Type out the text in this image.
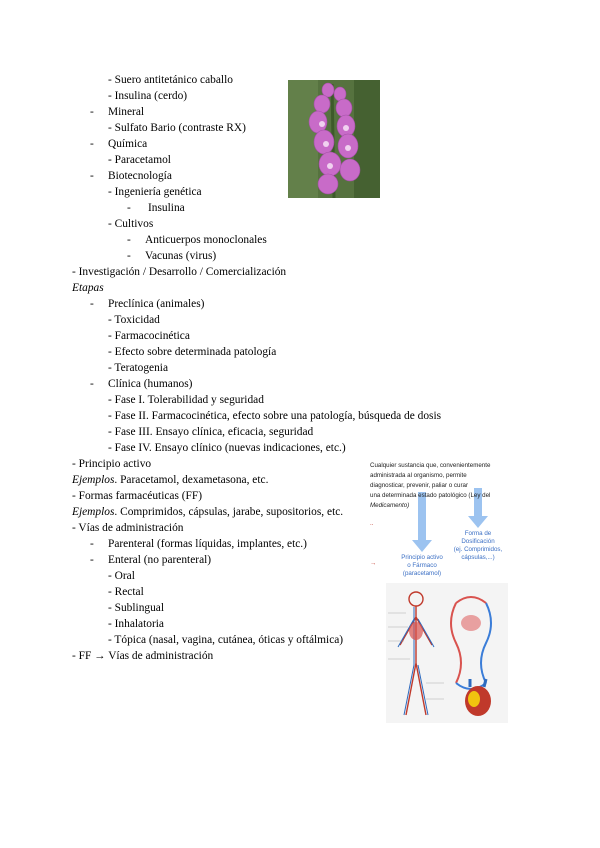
- Suero antitetánico caballo
- Insulina (cerdo)
- Mineral
- Sulfato Bario (contraste RX)
- Química
- Paracetamol
- Biotecnología
- Ingeniería genética
- Insulina
- Cultivos
- Anticuerpos monoclonales
- Vacunas (virus)
- Investigación / Desarrollo / Comercialización
Etapas
- Preclínica (animales)
- Toxicidad
- Farmacocinética
- Efecto sobre determinada patología
- Teratogenia
- Clínica (humanos)
- Fase I. Tolerabilidad y seguridad
- Fase II. Farmacocinética, efecto sobre una patología, búsqueda de dosis
- Fase III. Ensayo clínica, eficacia, seguridad
- Fase IV. Ensayo clínico (nuevas indicaciones, etc.)
- Principio activo
Ejemplos. Paracetamol, dexametasona, etc.
- Formas farmacéuticas (FF)
Ejemplos. Comprimidos, cápsulas, jarabe, supositorios, etc.
- Vías de administración
- Parenteral (formas líquidas, implantes, etc.)
- Enteral (no parenteral)
- Oral
- Rectal
- Sublingual
- Inhalatoria
- Tópica (nasal, vagina, cutánea, óticas y oftálmica)
- FF → Vías de administración
Cualquier sustancia que, convenientemente
administrada al organismo, permite
diagnosticar, prevenir, paliar o curar
una determinada estado patológico (Ley del
Medicamento)
..
→
Principio activo
o Fármaco
(paracetamol)
Forma de
Dosificación
(ej. Comprimidos,
cápsulas,...)
